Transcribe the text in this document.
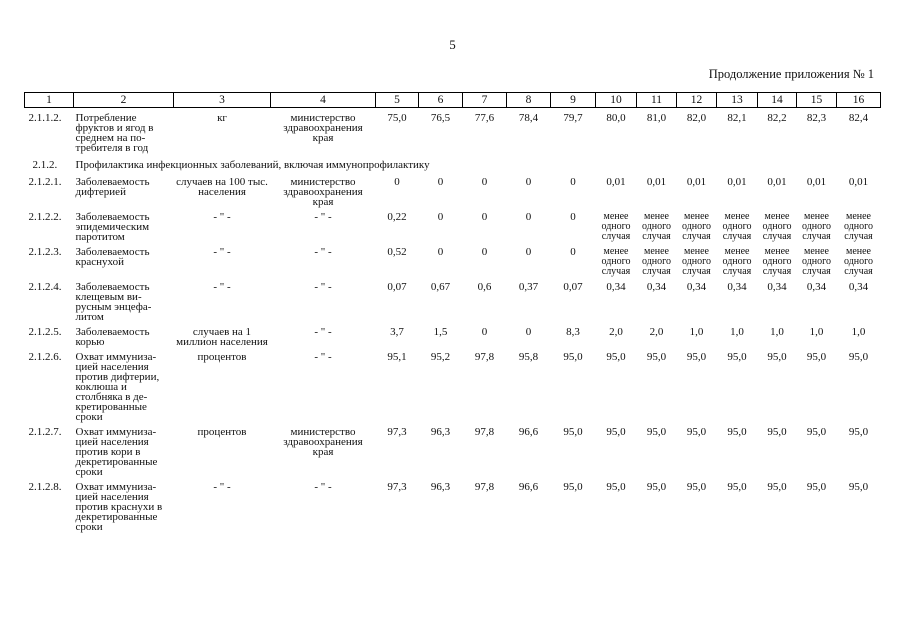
5
Продолжение приложения № 1
1	2	3	4	5	6	7	8	9	10	11	12	13	14	15	16

2.1.1.2.	Потребление фруктов и ягод в среднем на по- требителя в год	кг	министерство здравоохранения края	75,0	76,5	77,6	78,4	79,7	80,0	81,0	82,0	82,1	82,2	82,3	82,4

2.1.2.	Профилактика инфекционных заболеваний, включая иммунопрофилактику														

2.1.2.1.	Заболеваемость дифтерией	случаев на 100 тыс. населения	министерство здравоохранения края	0	0	0	0	0	0,01	0,01	0,01	0,01	0,01	0,01	0,01

2.1.2.2.	Заболеваемость эпидемическим паротитом	- " -	- " -	0,22	0	0	0	0	менее одного случая	менее одного случая	менее одного случая	менее одного случая	менее одного случая	менее одного случая	менее одного случая

2.1.2.3.	Заболеваемость краснухой	- " -	- " -	0,52	0	0	0	0	менее одного случая	менее одного случая	менее одного случая	менее одного случая	менее одного случая	менее одного случая	менее одного случая

2.1.2.4.	Заболеваемость клещевым ви- русным энцефа- литом	- " -	- " -	0,07	0,67	0,6	0,37	0,07	0,34	0,34	0,34	0,34	0,34	0,34	0,34

2.1.2.5.	Заболеваемость корью	случаев на 1 миллион населения	- " -	3,7	1,5	0	0	8,3	2,0	2,0	1,0	1,0	1,0	1,0	1,0

2.1.2.6.	Охват иммуниза- цией населения против дифтерии, коклюша и столбняка в де- кретированные сроки	процентов	- " -	95,1	95,2	97,8	95,8	95,0	95,0	95,0	95,0	95,0	95,0	95,0	95,0

2.1.2.7.	Охват иммуниза- цией населения против кори в декретированные сроки	процентов	министерство здравоохранения края	97,3	96,3	97,8	96,6	95,0	95,0	95,0	95,0	95,0	95,0	95,0	95,0

2.1.2.8.	Охват иммуниза- цией населения против краснухи в декретированные сроки	- " -	- " -	97,3	96,3	97,8	96,6	95,0	95,0	95,0	95,0	95,0	95,0	95,0	95,0
